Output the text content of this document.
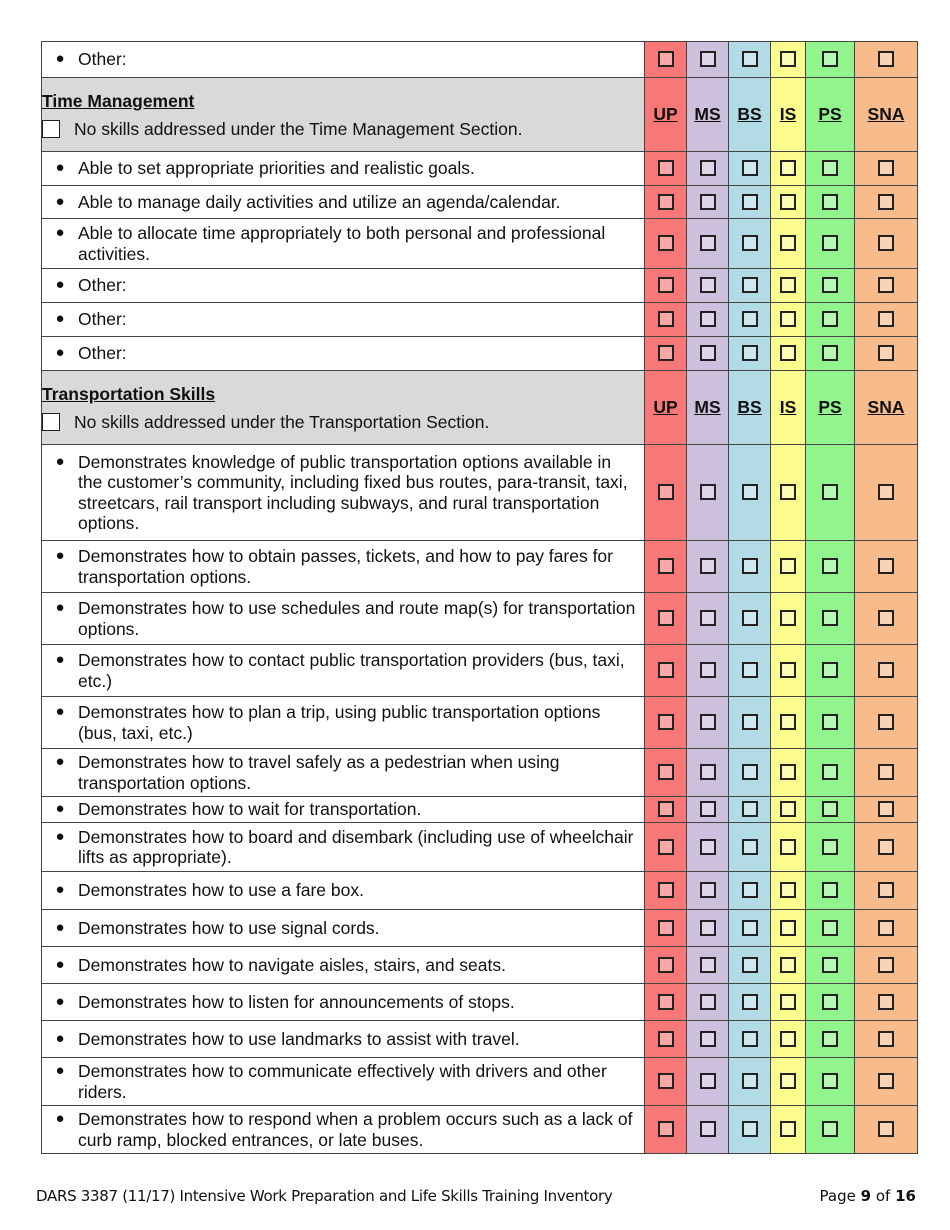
● Other:						

Time Management
No skills addressed under the Time Management Section.	UP	MS	BS	IS	PS	SNA

● Able to set appropriate priorities and realistic goals.						

● Able to manage daily activities and utilize an agenda/calendar.						

● Able to allocate time appropriately to both personal and professional activities.						

● Other:						

● Other:						

● Other:						

Transportation Skills
No skills addressed under the Transportation Section.	UP	MS	BS	IS	PS	SNA

● Demonstrates knowledge of public transportation options available in the customer’s community, including fixed bus routes, para-transit, taxi, streetcars, rail transport including subways, and rural transportation options.						

● Demonstrates how to obtain passes, tickets, and how to pay fares for transportation options.						

● Demonstrates how to use schedules and route map(s) for transportation options.						

● Demonstrates how to contact public transportation providers (bus, taxi, etc.)						

● Demonstrates how to plan a trip, using public transportation options (bus, taxi, etc.)						

● Demonstrates how to travel safely as a pedestrian when using transportation options.						

● Demonstrates how to wait for transportation.						

● Demonstrates how to board and disembark (including use of wheelchair lifts as appropriate).						

● Demonstrates how to use a fare box.						

● Demonstrates how to use signal cords.						

● Demonstrates how to navigate aisles, stairs, and seats.						

● Demonstrates how to listen for announcements of stops.						

● Demonstrates how to use landmarks to assist with travel.						

● Demonstrates how to communicate effectively with drivers and other riders.						

● Demonstrates how to respond when a problem occurs such as a lack of curb ramp, blocked entrances, or late buses.						

DARS 3387 (11/17) Intensive Work Preparation and Life Skills Training Inventory	Page 9 of 16
